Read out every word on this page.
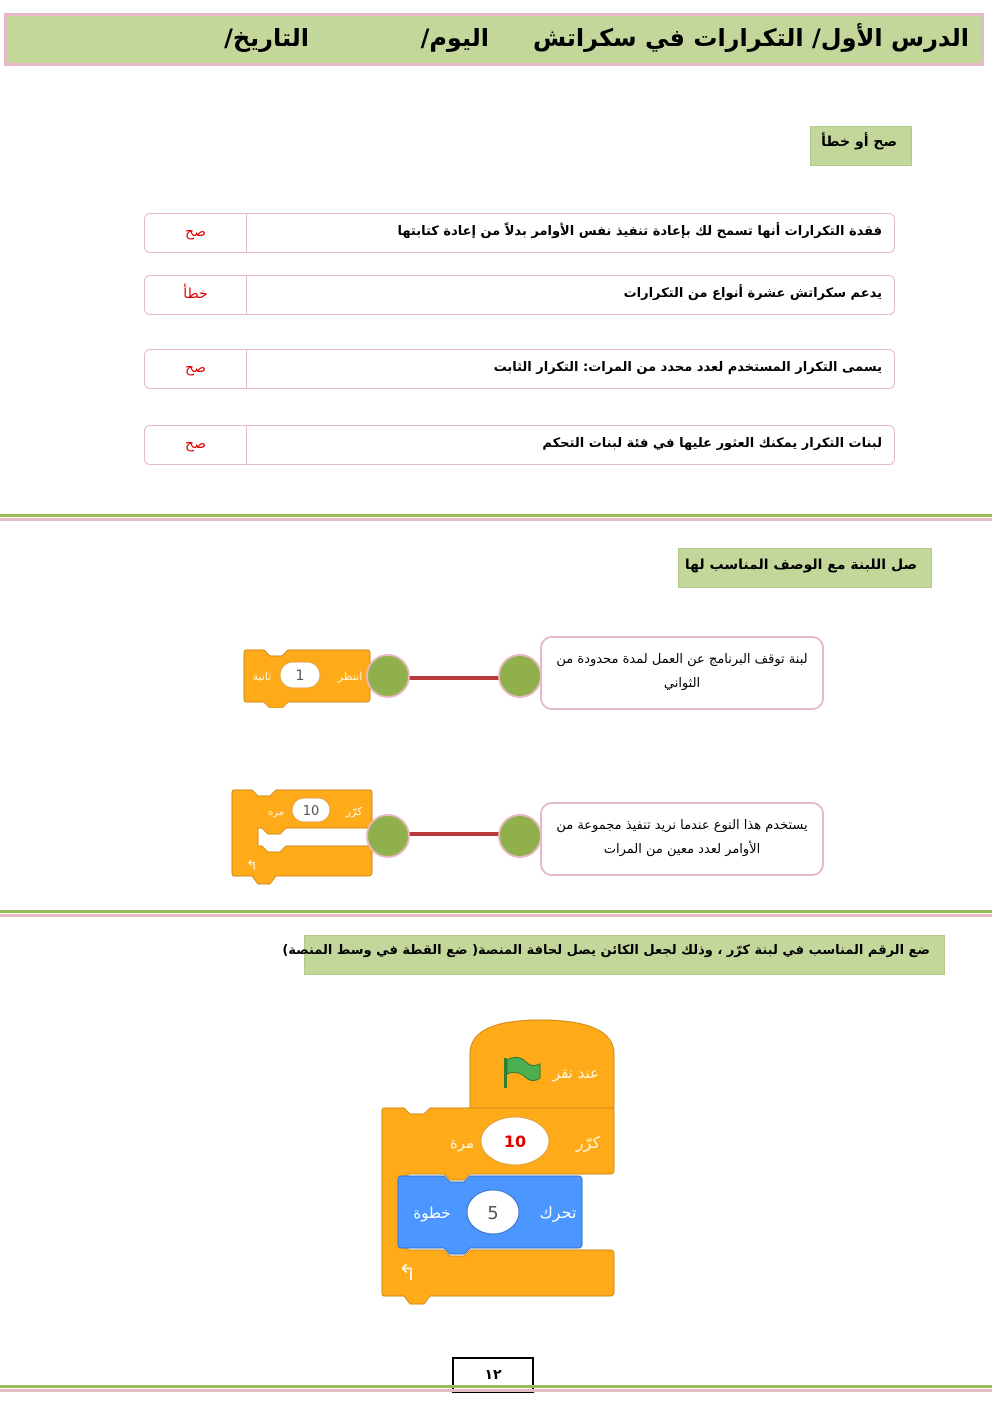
الدرس الأول/ التكرارات في سكراتش
اليوم/
التاريخ/
صح أو خطأ
فقدة التكرارات أنها تسمح لك بإعادة تنفيذ نفس الأوامر بدلاً من إعادة كتابتها
صح
يدعم سكراتش عشرة أنواع من التكرارات
خطأ
يسمى التكرار المستخدم لعدد محدد من المرات: التكرار الثابت
صح
لبنات التكرار يمكنك العثور عليها في فئة لبنات التحكم
صح
صل اللبنة مع الوصف المناسب لها
لبنة توقف البرنامج عن العمل لمدة محدودة من الثواني
يستخدم هذا النوع عندما نريد تنفيذ مجموعة من الأوامر لعدد معين من المرات
1	انتظر
ثانية
10 كرّر
مره
↰
ضع الرقم المناسب في لبنة كرّر ، وذلك لجعل الكائن يصل لحافة المنصة( ضع القطة في وسط المنصة)
عند نقر
10	كرّر
مرة
5	تحرك
خطوة
↰
١٢
